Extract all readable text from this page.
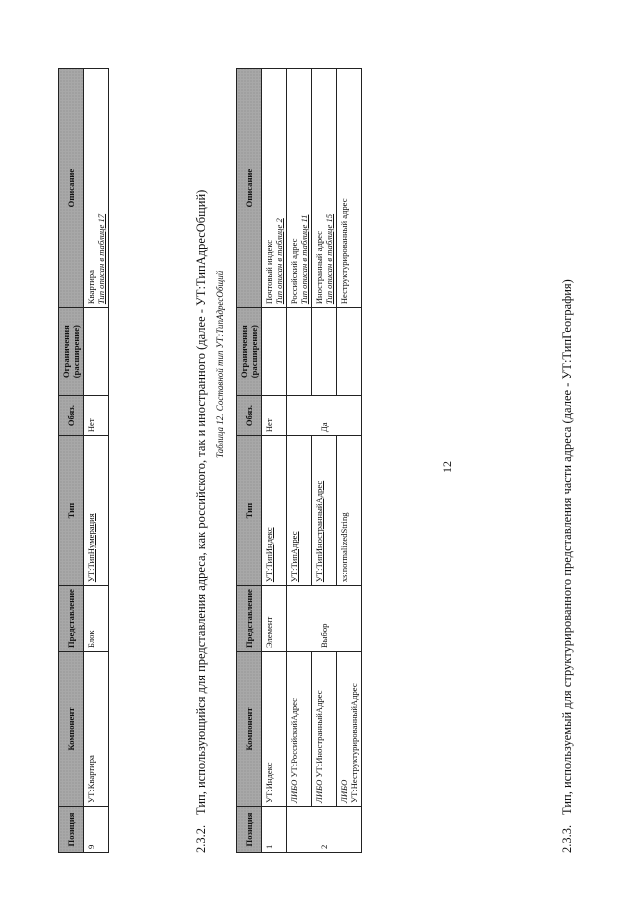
12
Позиция	Компонент	Представление	Тип	Обяз.	Ограничения (расширение)	Описание
9	УТ:Квартира	Блок	УТ:ТипНумерация	Нет		Квартира Тип описан в таблице 17
2.3.2.Тип, использующийся для представления адреса, как российского, так и иностранного (далее - УТ:ТипАдресОбщий) Таблица 12. Составной тип УТ:ТипАдресОбщий
Позиция	Компонент	Представление	Тип	Обяз.	Ограничения (расширение)	Описание
1	УТ:Индекс	Элемент	УТ:ТипИндекс	Нет		Почтовый индекс Тип описан в таблице 2

2	ЛИБО УТ:РоссийскийАдрес	Выбор	УТ:ТипАдрес	Да		Российский адрес Тип описан в таблице 11

	ЛИБО УТ:ИностранныйАдрес		УТ:ТипИностранныйАдрес			Иностранный адрес Тип описан в таблице 15

	ЛИБО УТ:НеструктурированныйАдрес		xs:normalizedString			Неструктурированный адрес
2.3.3.Тип, используемый для структурированного представления части адреса (далее - УТ:ТипГеография)
